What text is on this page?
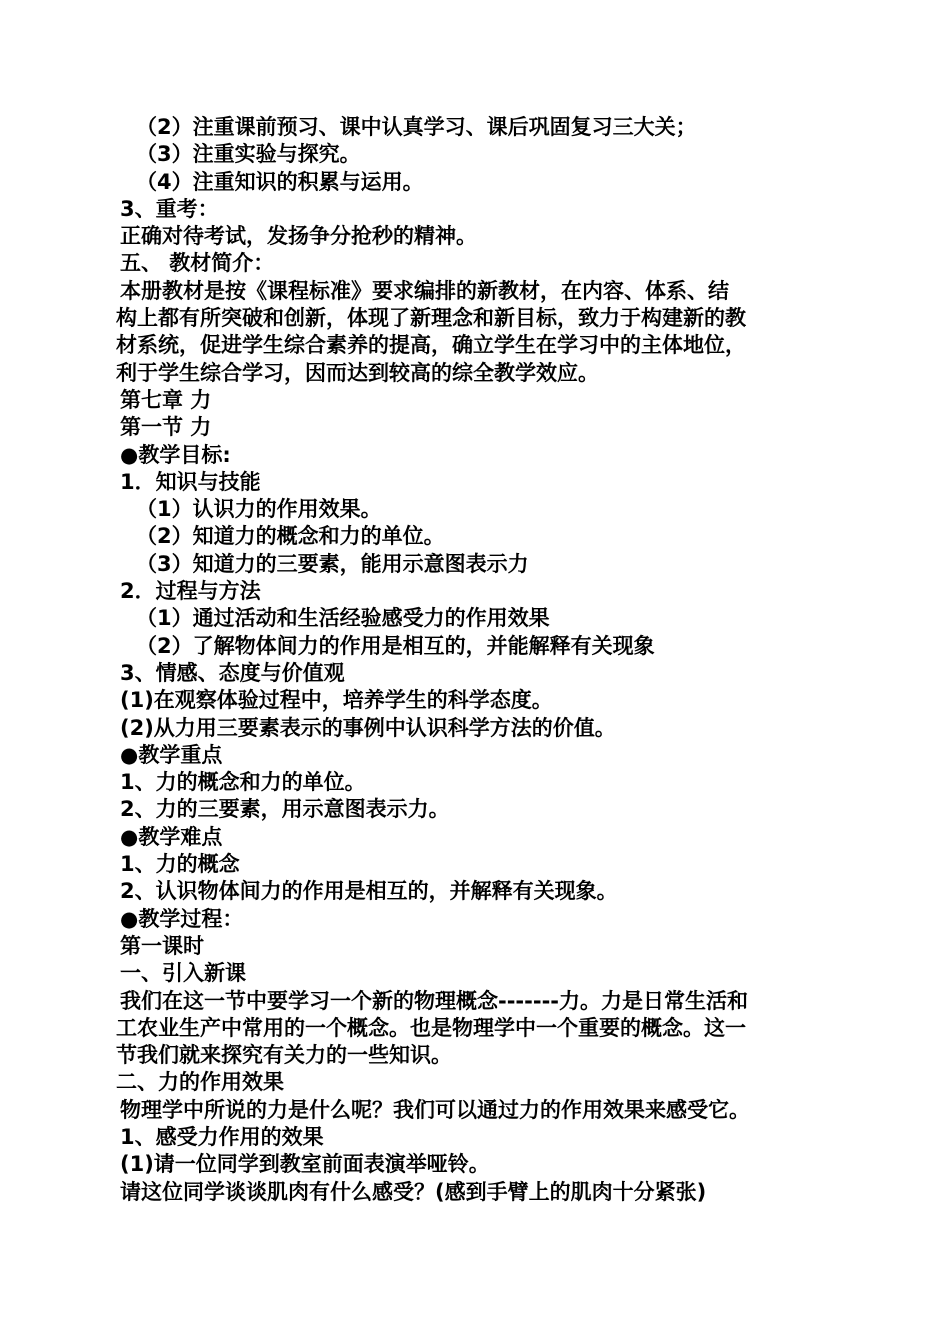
（2）注重课前预习、课中认真学习、课后巩固复习三大关；
（3）注重实验与探究。
（4）注重知识的积累与运用。
3、重考：
正确对待考试，发扬争分抢秒的精神。
五、 教材简介：
本册教材是按《课程标准》要求编排的新教材，在内容、体系、结
构上都有所突破和创新，体现了新理念和新目标，致力于构建新的教
材系统，促进学生综合素养的提高，确立学生在学习中的主体地位，
利于学生综合学习，因而达到较高的综全教学效应。
第七章 力
第一节 力
●教学目标:
1．知识与技能
（1）认识力的作用效果。
（2）知道力的概念和力的单位。
（3）知道力的三要素，能用示意图表示力
2．过程与方法
（1）通过活动和生活经验感受力的作用效果
（2）了解物体间力的作用是相互的，并能解释有关现象
3、情感、态度与价值观
(1)在观察体验过程中，培养学生的科学态度。
(2)从力用三要素表示的事例中认识科学方法的价值。
●教学重点
1、力的概念和力的单位。
2、力的三要素，用示意图表示力。
●教学难点
1、力的概念
2、认识物体间力的作用是相互的，并解释有关现象。
●教学过程：
第一课时
一、引入新课
我们在这一节中要学习一个新的物理概念-------力。力是日常生活和
工农业生产中常用的一个概念。也是物理学中一个重要的概念。这一
节我们就来探究有关力的一些知识。
二、力的作用效果
物理学中所说的力是什么呢？我们可以通过力的作用效果来感受它。
1、感受力作用的效果
(1)请一位同学到教室前面表演举哑铃。
请这位同学谈谈肌肉有什么感受？(感到手臂上的肌肉十分紧张)
